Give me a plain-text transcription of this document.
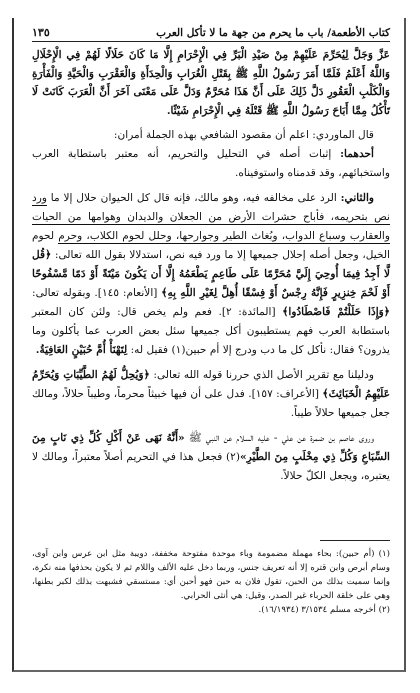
كتاب الأطعمة/ باب ما يحرم من جهة ما لا تأكل العرب
١٣٥

عَزَّ وَجَلَّ لِيُحَرِّمَ عَلَيْهِمْ مِنْ صَيْدِ الْبَرِّ فِي الْإِحْرَامِ إِلَّا مَا كَانَ حَلَالًا لَهُمْ فِي الْإِحْلَالِ وَاللَّهُ أَعْلَمُ فَلَمَّا أَمَرَ رَسُولُ اللَّهِ ﷺ بِقَتْلِ الْغُرَابِ وَالْحِدَأَةِ وَالْعَقْرَبِ وَالْحَيَّةِ وَالْفَأْرَةِ وَالْكَلْبِ الْعَقُورِ دَلَّ ذَلِكَ عَلَى أَنَّ هَذَا مُحَرَّمٌ وَدَلَّ عَلَى مَعْنَى آخَرَ أَنَّ الْعَرَبَ كَانَتْ لَا تَأْكُلُ مِمَّا أَبَاحَ رَسُولُ اللَّهِ ﷺ قَتْلَهُ فِي الْإِحْرَامِ شَيْئًا.

قال الماوردي: اعلم أن مقصود الشافعي بهذه الجملة أمران:

أحدهما: إثبات أصله في التحليل والتحريم، أنه معتبر باستطابة العرب واستخبائهم، وقد قدمناه واستوفيناه.

والثاني: الرد على مخالفه فيه، وهو مالك، فإنه قال كل الحيوان حلال إلا ما ورد نص بتحريمه، فأباح حشرات الأرض من الجعلان والديدان وهوامها من الحيات والعقارب وسباع الدواب، وبُغاث الطير وجوارحها، وحلل لحوم الكلاب، وحرم لحوم الخيل، وجعل أصله إحلال جميعها إلا ما ورد فيه نص، استدلالا بقول الله تعالى: ﴿قُل لَّا أَجِدُ فِيمَا أُوحِيَ إِلَيَّ مُحَرَّمًا عَلَى طَاعِمٍ يَطْعَمُهُ إِلَّا أَن يَكُونَ مَيْتَةً أَوْ دَمًا مَّسْفُوحًا أَوْ لَحْمَ خِنزِيرٍ فَإِنَّهُ رِجْسٌ أَوْ فِسْقًا أُهِلَّ لِغَيْرِ اللَّهِ بِهِ﴾ [الأنعام: ١٤٥]. وبقوله تعالى: ﴿وَإِذَا حَلَلْتُمْ فَاصْطَادُوا﴾ [المائدة: ٢]. فعم ولم يخص قال: ولئن كان المعتبر باستطابة العرب فهم يستطيبون أكل جميعها سئل بعض العرب عما يأكلون وما يذرون؟ فقال: نأكل كل ما دب ودرج إلا أم حبين(١) فقيل له: لِتَهْنَأْ أُمَّ حُبَيْنٍ العَافِيَةُ.

ودليلنا مع تقرير الأصل الذي حررنا قوله الله تعالى: ﴿وَيُحِلُّ لَهُمُ الطَّيِّبَاتِ وَيُحَرِّمُ عَلَيْهِمُ الْخَبَائِثَ﴾ [الأعراف: ١٥٧]. فدل على أن فيها خبيثاً محرماً، وطيباً حلالاً، ومالك جعل جميعها حلالاً طيباً.

وروى عاصم بن ضمرة عن علي - عليه السلام عن النبي ﷺ «أَنَّهُ نَهَى عَنْ أَكْلِ كُلِّ ذِي نَابٍ مِنَ السِّبَاعِ وَكُلِّ ذِي مِخْلَبٍ مِنَ الطَّيْرِ»(٢) فجعل هذا في التحريم أصلاً معتبراً، ومالك لا يعتبره، ويجعل الكلّ حلالاً.

(١) (أم حبين): بحاء مهملة مضمومة وباء موحدة مفتوحة مخففة، دويبة مثل ابن عرس وابن آوى، وسام أبرص وابن قتره إلا أنه تعريف جنس، وربما دخل عليه الألف واللام ثم لا يكون بحذفها منه نكرة، وإنما سميت بذلك من الحبن، تقول فلان به حبن فهو أحبن أي: مستسقي فشبهت بذلك لكبر بطنها، وهي على خلقة الحرباء غير الصدر، وقيل: هي أنثى الحرابي.

(٢) أخرجه مسلم ٣/١٥٣٤ (١٦/١٩٣٤).
